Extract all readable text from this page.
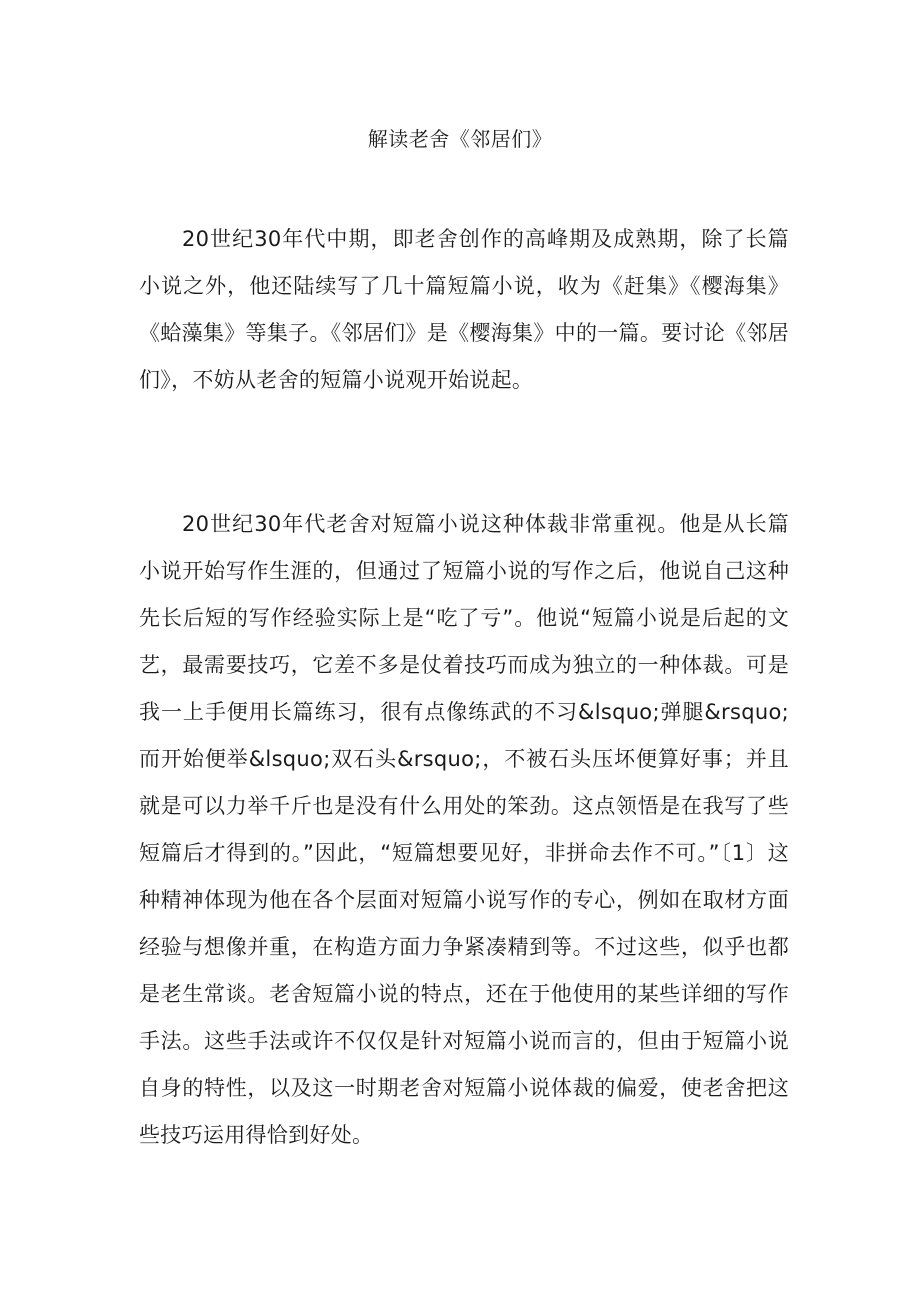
解读老舍《邻居们》

20世纪30年代中期，即老舍创作的高峰期及成熟期，除了长篇小说之外，他还陆续写了几十篇短篇小说，收为《赶集》《樱海集》《蛤藻集》等集子。《邻居们》是《樱海集》中的一篇。要讨论《邻居们》，不妨从老舍的短篇小说观开始说起。

20世纪30年代老舍对短篇小说这种体裁非常重视。他是从长篇小说开始写作生涯的，但通过了短篇小说的写作之后，他说自己这种先长后短的写作经验实际上是“吃了亏”。他说“短篇小说是后起的文艺，最需要技巧，它差不多是仗着技巧而成为独立的一种体裁。可是我一上手便用长篇练习，很有点像练武的不习&lsquo;弹腿&rsquo;而开始便举&lsquo;双石头&rsquo;，不被石头压坏便算好事；并且就是可以力举千斤也是没有什么用处的笨劲。这点领悟是在我写了些短篇后才得到的。”因此，“短篇想要见好，非拼命去作不可。”〔1〕这种精神体现为他在各个层面对短篇小说写作的专心，例如在取材方面经验与想像并重，在构造方面力争紧凑精到等。不过这些，似乎也都是老生常谈。老舍短篇小说的特点，还在于他使用的某些详细的写作手法。这些手法或许不仅仅是针对短篇小说而言的，但由于短篇小说自身的特性，以及这一时期老舍对短篇小说体裁的偏爱，使老舍把这些技巧运用得恰到好处。
